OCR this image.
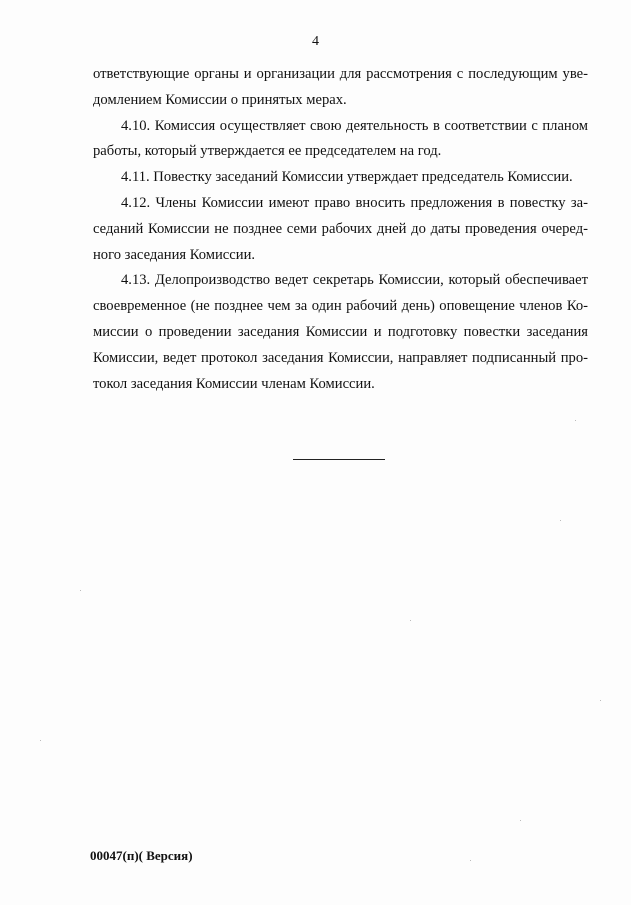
4

ответствующие органы и организации для рассмотрения с последующим уве-
домлением Комиссии о принятых мерах.

4.10. Комиссия осуществляет свою деятельность в соответствии с планом
работы, который утверждается ее председателем на год.

4.11. Повестку заседаний Комиссии утверждает председатель Комиссии.

4.12. Члены Комиссии имеют право вносить предложения в повестку за-
седаний Комиссии не позднее семи рабочих дней до даты проведения очеред-
ного заседания Комиссии.

4.13. Делопроизводство ведет секретарь Комиссии, который обеспечивает
своевременное (не позднее чем за один рабочий день) оповещение членов Ко-
миссии о проведении заседания Комиссии и подготовку повестки заседания
Комиссии, ведет протокол заседания Комиссии, направляет подписанный про-
токол заседания Комиссии членам Комиссии.

00047(п)( Версия)
